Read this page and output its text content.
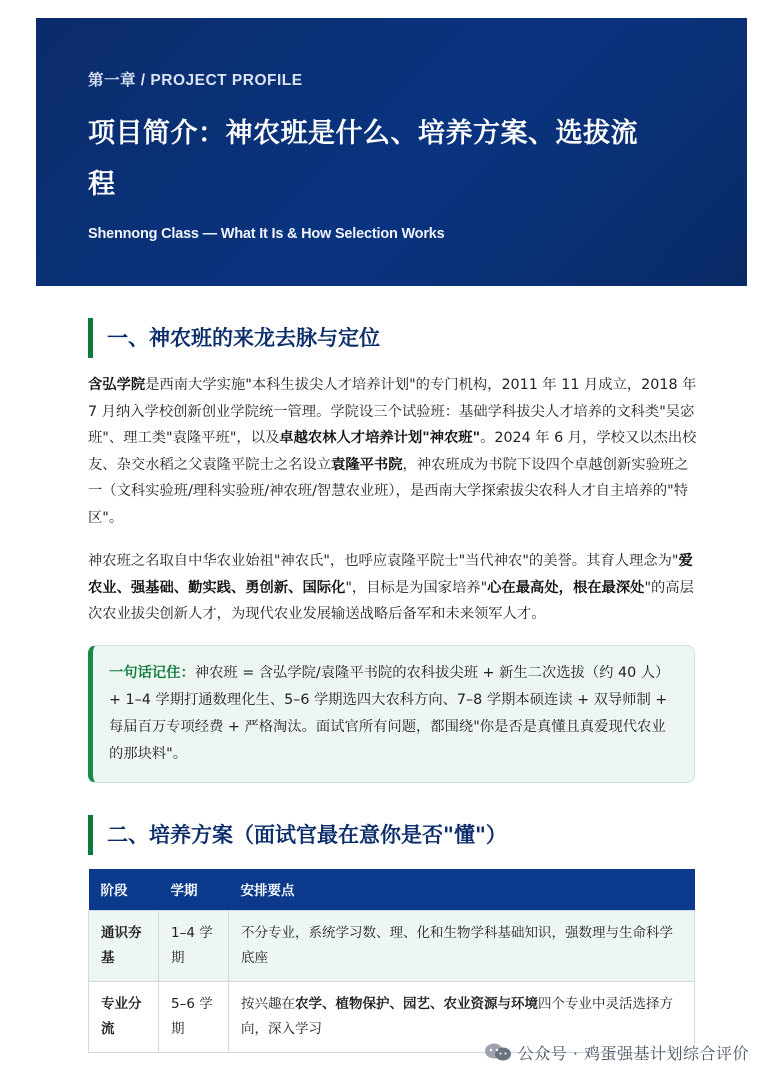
第一章 / PROJECT PROFILE
项目简介：神农班是什么、培养方案、选拔流
程
Shennong Class — What It Is & How Selection Works
一、神农班的来龙去脉与定位

含弘学院是西南大学实施"本科生拔尖人才培养计划"的专门机构，2011 年 11 月成立，2018 年 7 月纳入学校创新创业学院统一管理。学院设三个试验班：基础学科拔尖人才培养的文科类"吴宓班"、理工类"袁隆平班"，以及卓越农林人才培养计划"神农班"。2024 年 6 月，学校又以杰出校友、杂交水稻之父袁隆平院士之名设立袁隆平书院，神农班成为书院下设四个卓越创新实验班之一（文科实验班/理科实验班/神农班/智慧农业班），是西南大学探索拔尖农科人才自主培养的"特区"。

神农班之名取自中华农业始祖"神农氏"，也呼应袁隆平院士"当代神农"的美誉。其育人理念为"爱农业、强基础、勤实践、勇创新、国际化"，目标是为国家培养"心在最高处，根在最深处"的高层次农业拔尖创新人才，为现代农业发展输送战略后备军和未来领军人才。

一句话记住：神农班 = 含弘学院/袁隆平书院的农科拔尖班 + 新生二次选拔（约 40 人）+ 1–4 学期打通数理化生、5–6 学期选四大农科方向、7–8 学期本硕连读 + 双导师制 + 每届百万专项经费 + 严格淘汰。面试官所有问题，都围绕"你是否是真懂且真爱现代农业的那块料"。
二、培养方案（面试官最在意你是否"懂"）
阶段	学期	安排要点
通识夯基	1–4 学期	不分专业，系统学习数、理、化和生物学科基础知识，强数理与生命科学底座
专业分流	5–6 学期	按兴趣在农学、植物保护、园艺、农业资源与环境四个专业中灵活选择方向，深入学习
公众号 · 鸡蛋强基计划综合评价
